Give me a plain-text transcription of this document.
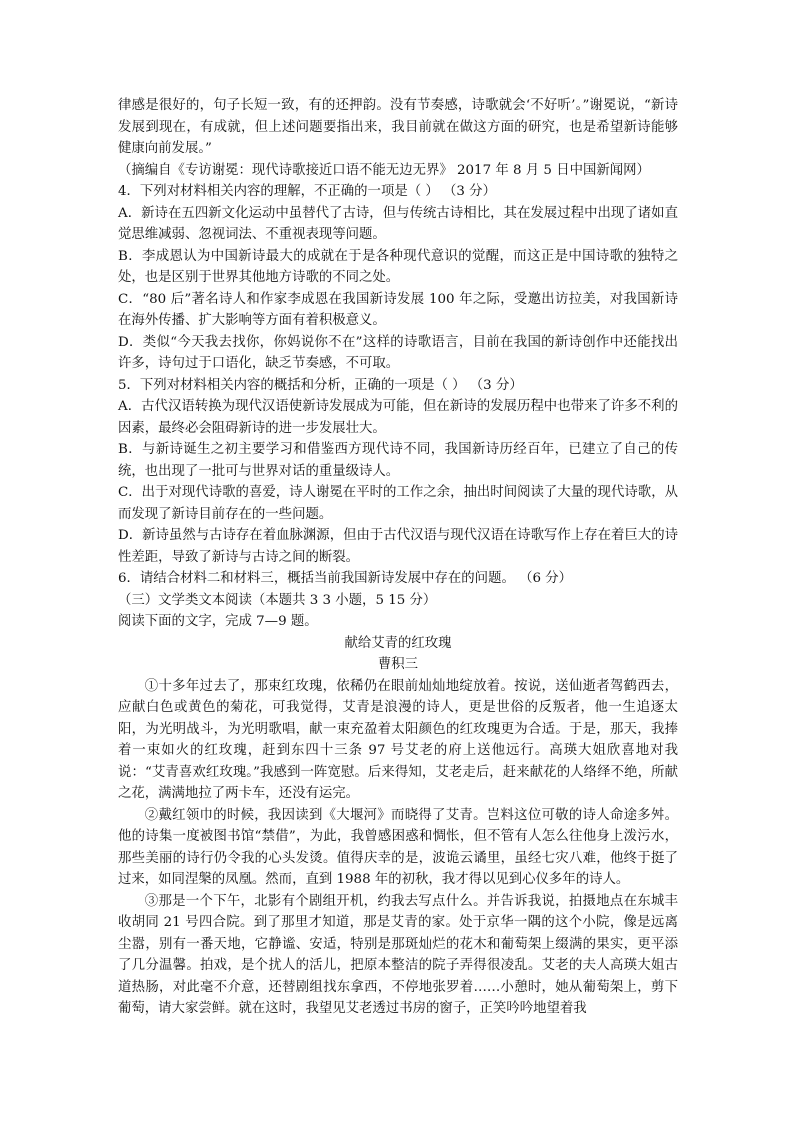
律感是很好的，句子长短一致，有的还押韵。没有节奏感，诗歌就会‘不好听’。”谢冕说，“新诗发展到现在，有成就，但上述问题要指出来，我目前就在做这方面的研究，也是希望新诗能够健康向前发展。”

（摘编自《专访谢冕：现代诗歌接近口语不能无边无界》 2017 年 8 月 5 日中国新闻网）

4．下列对材料相关内容的理解，不正确的一项是（ ） （3 分）

A．新诗在五四新文化运动中虽替代了古诗，但与传统古诗相比，其在发展过程中出现了诸如直觉思维减弱、忽视词法、不重视表现等问题。

B．李成恩认为中国新诗最大的成就在于是各种现代意识的觉醒，而这正是中国诗歌的独特之处，也是区别于世界其他地方诗歌的不同之处。

C．“80 后”著名诗人和作家李成恩在我国新诗发展 100 年之际，受邀出访拉美，对我国新诗在海外传播、扩大影响等方面有着积极意义。

D．类似“今天我去找你，你妈说你不在”这样的诗歌语言，目前在我国的新诗创作中还能找出许多，诗句过于口语化，缺乏节奏感，不可取。

5．下列对材料相关内容的概括和分析，正确的一项是（ ） （3 分）

A．古代汉语转换为现代汉语使新诗发展成为可能，但在新诗的发展历程中也带来了许多不利的因素，最终必会阻碍新诗的进一步发展壮大。

B．与新诗诞生之初主要学习和借鉴西方现代诗不同，我国新诗历经百年，已建立了自己的传统，也出现了一批可与世界对话的重量级诗人。

C．出于对现代诗歌的喜爱，诗人谢冕在平时的工作之余，抽出时间阅读了大量的现代诗歌，从而发现了新诗目前存在的一些问题。

D．新诗虽然与古诗存在着血脉渊源，但由于古代汉语与现代汉语在诗歌写作上存在着巨大的诗性差距，导致了新诗与古诗之间的断裂。

6．请结合材料二和材料三，概括当前我国新诗发展中存在的问题。 （6 分）

（三）文学类文本阅读（本题共 3 3 小题，5 15 分）

阅读下面的文字，完成 7—9 题。

献给艾青的红玫瑰

曹积三

①十多年过去了，那束红玫瑰，依稀仍在眼前灿灿地绽放着。按说，送仙逝者驾鹤西去，应献白色或黄色的菊花，可我觉得，艾青是浪漫的诗人，更是世俗的反叛者，他一生追逐太阳，为光明战斗，为光明歌唱，献一束充盈着太阳颜色的红玫瑰更为合适。于是，那天，我捧着一束如火的红玫瑰，赶到东四十三条 97 号艾老的府上送他远行。高瑛大姐欣喜地对我说：“艾青喜欢红玫瑰。”我感到一阵宽慰。后来得知，艾老走后，赶来献花的人络绎不绝，所献之花，满满地拉了两卡车，还没有运完。

②戴红领巾的时候，我因读到《大堰河》而晓得了艾青。岂料这位可敬的诗人命途多舛。他的诗集一度被图书馆“禁借”，为此，我曾感困惑和惆怅，但不管有人怎么往他身上泼污水，那些美丽的诗行仍令我的心头发烫。值得庆幸的是，波诡云谲里，虽经七灾八难，他终于挺了过来，如同涅槃的凤凰。然而，直到 1988 年的初秋，我才得以见到心仪多年的诗人。

③那是一个下午，北影有个剧组开机，约我去写点什么。并告诉我说，拍摄地点在东城丰收胡同 21 号四合院。到了那里才知道，那是艾青的家。处于京华一隅的这个小院，像是远离尘嚣，别有一番天地，它静谧、安适，特别是那斑灿烂的花木和葡萄架上缀满的果实，更平添了几分温馨。拍戏，是个扰人的活儿，把原本整洁的院子弄得很凌乱。艾老的夫人高瑛大姐古道热肠，对此毫不介意，还替剧组找东拿西，不停地张罗着……小憩时，她从葡萄架上，剪下葡萄，请大家尝鲜。就在这时，我望见艾老透过书房的窗子，正笑吟吟地望着我
